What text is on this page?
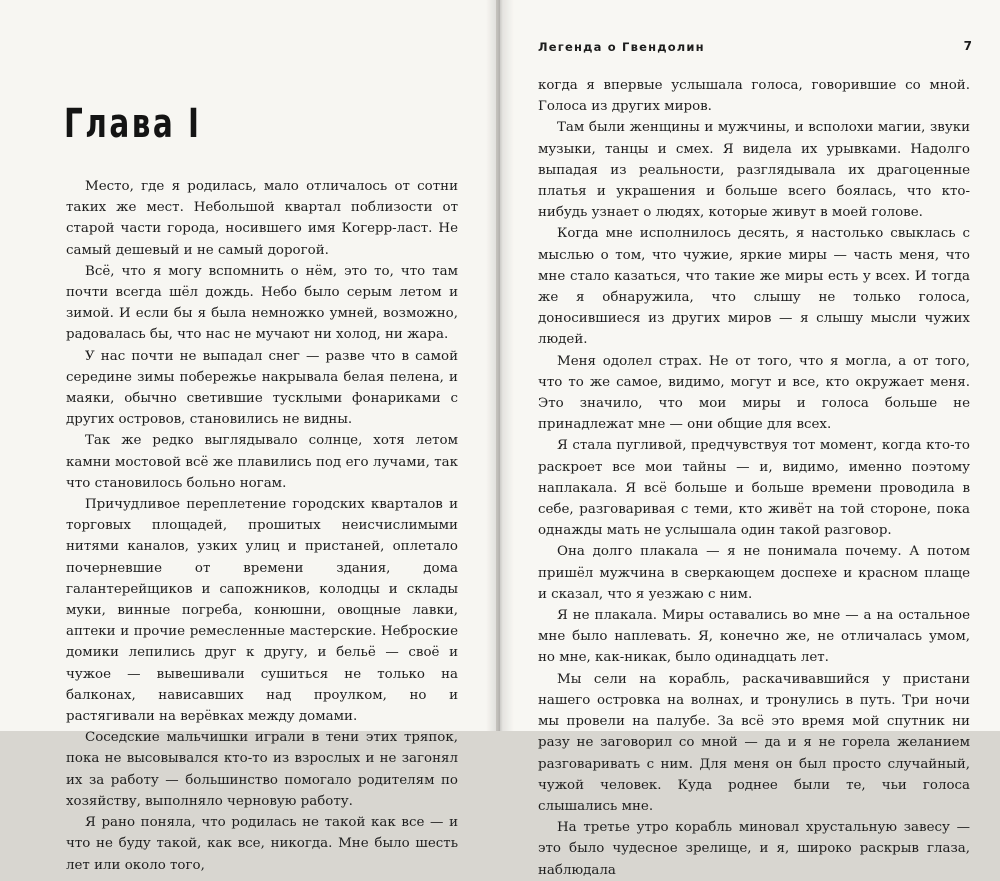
Глава I

Место, где я родилась, мало отличалось от сотни таких же мест. Небольшой квартал поблизости от старой части города, носившего имя Когерр-ласт. Не самый дешевый и не самый дорогой.

Всё, что я могу вспомнить о нём, это то, что там почти всегда шёл дождь. Небо было серым летом и зимой. И если бы я была немножко умней, возможно, радовалась бы, что нас не мучают ни холод, ни жара.

У нас почти не выпадал снег — разве что в самой середине зимы побережье накрывала белая пелена, и маяки, обычно светившие тусклыми фонариками с других островов, становились не видны.

Так же редко выглядывало солнце, хотя летом камни мостовой всё же плавились под его лучами, так что становилось больно ногам.

Причудливое переплетение городских кварталов и торговых площадей, прошитых неисчислимыми нитями каналов, узких улиц и пристаней, оплетало почерневшие от времени здания, дома галантерейщиков и сапожников, колодцы и склады муки, винные погреба, конюшни, овощные лавки, аптеки и прочие ремесленные мастерские. Неброские домики лепились друг к другу, и бельё — своё и чужое — вывешивали сушиться не только на балконах, нависавших над проулком, но и растягивали на верёвках между домами.

Соседские мальчишки играли в тени этих тряпок, пока не высовывался кто-то из взрослых и не загонял их за работу — большинство помогало родителям по хозяйству, выполняло черновую работу.

Я рано поняла, что родилась не такой как все — и что не буду такой, как все, никогда. Мне было шесть лет или около того,

Легенда о Гвендолин	7

когда я впервые услышала голоса, говорившие со мной. Голоса из других миров.

Там были женщины и мужчины, и всполохи магии, звуки музыки, танцы и смех. Я видела их урывками. Надолго выпадая из реальности, разглядывала их драгоценные платья и украшения и больше всего боялась, что кто-нибудь узнает о людях, которые живут в моей голове.

Когда мне исполнилось десять, я настолько свыклась с мыслью о том, что чужие, яркие миры — часть меня, что мне стало казаться, что такие же миры есть у всех. И тогда же я обнаружила, что слышу не только голоса, доносившиеся из других миров — я слышу мысли чужих людей.

Меня одолел страх. Не от того, что я могла, а от того, что то же самое, видимо, могут и все, кто окружает меня. Это значило, что мои миры и голоса больше не принадлежат мне — они общие для всех.

Я стала пугливой, предчувствуя тот момент, когда кто-то раскроет все мои тайны — и, видимо, именно поэтому наплакала. Я всё больше и больше времени проводила в себе, разговаривая с теми, кто живёт на той стороне, пока однажды мать не услышала один такой разговор.

Она долго плакала — я не понимала почему. А потом пришёл мужчина в сверкающем доспехе и красном плаще и сказал, что я уезжаю с ним.

Я не плакала. Миры оставались во мне — а на остальное мне было наплевать. Я, конечно же, не отличалась умом, но мне, как-никак, было одинадцать лет.

Мы сели на корабль, раскачивавшийся у пристани нашего островка на волнах, и тронулись в путь. Три ночи мы провели на палубе. За всё это время мой спутник ни разу не заговорил со мной — да и я не горела желанием разговаривать с ним. Для меня он был просто случайный, чужой человек. Куда роднее были те, чьи голоса слышались мне.

На третье утро корабль миновал хрустальную завесу — это было чудесное зрелище, и я, широко раскрыв глаза, наблюдала
